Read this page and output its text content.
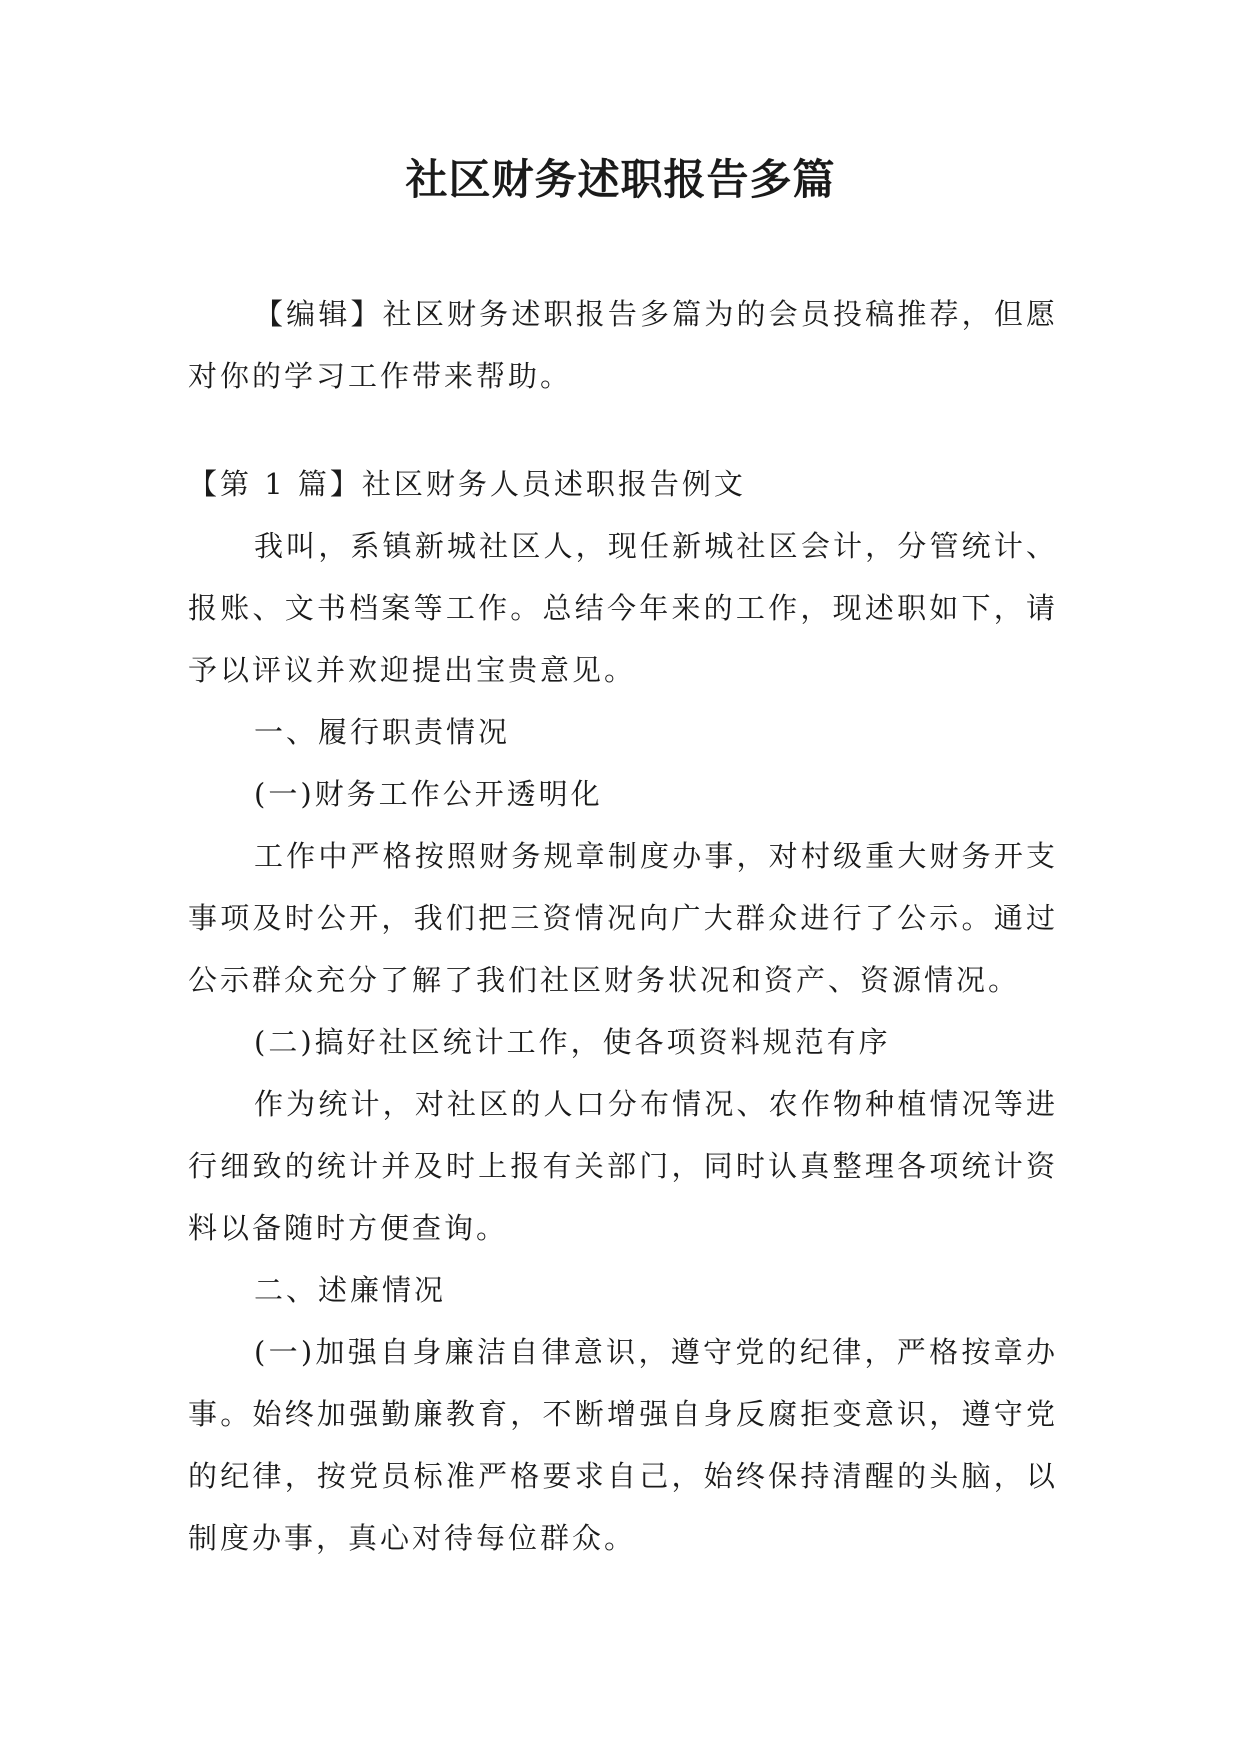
社区财务述职报告多篇

【编辑】社区财务述职报告多篇为的会员投稿推荐，但愿对你的学习工作带来帮助。

【第 1 篇】社区财务人员述职报告例文

我叫，系镇新城社区人，现任新城社区会计，分管统计、报账、文书档案等工作。总结今年来的工作，现述职如下，请予以评议并欢迎提出宝贵意见。

一、履行职责情况

(一)财务工作公开透明化

工作中严格按照财务规章制度办事，对村级重大财务开支事项及时公开，我们把三资情况向广大群众进行了公示。通过公示群众充分了解了我们社区财务状况和资产、资源情况。

(二)搞好社区统计工作，使各项资料规范有序

作为统计，对社区的人口分布情况、农作物种植情况等进行细致的统计并及时上报有关部门，同时认真整理各项统计资料以备随时方便查询。

二、述廉情况

(一)加强自身廉洁自律意识，遵守党的纪律，严格按章办事。始终加强勤廉教育，不断增强自身反腐拒变意识，遵守党的纪律，按党员标准严格要求自己，始终保持清醒的头脑，以制度办事，真心对待每位群众。
